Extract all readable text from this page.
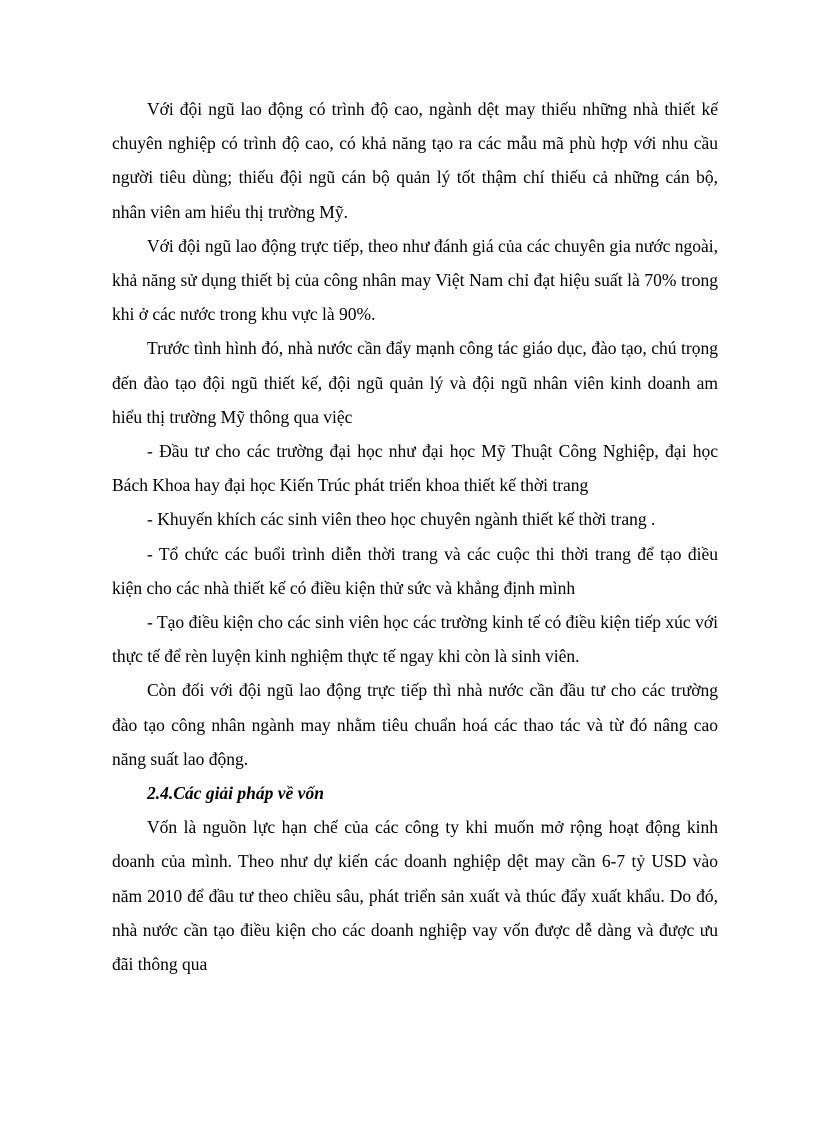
Với đội ngũ lao động có trình độ cao, ngành dệt may thiếu những nhà thiết kế chuyên nghiệp có trình độ cao, có khả năng tạo ra các mẫu mã phù hợp với nhu cầu người tiêu dùng; thiếu đội ngũ cán bộ quản lý tốt thậm chí thiếu cả những cán bộ, nhân viên am hiểu thị trường Mỹ.

Với đội ngũ lao động trực tiếp, theo như đánh giá của các chuyên gia nước ngoài, khả năng sử dụng thiết bị của công nhân may Việt Nam chỉ đạt hiệu suất là 70% trong khi ở các nước trong khu vực là 90%.

Trước tình hình đó, nhà nước cần đẩy mạnh công tác giáo dục, đào tạo, chú trọng đến đào tạo đội ngũ thiết kế, đội ngũ quản lý và đội ngũ nhân viên kinh doanh am hiểu thị trường Mỹ thông qua việc

- Đầu tư cho các trường đại học như đại học Mỹ Thuật Công Nghiệp, đại học Bách Khoa hay đại học Kiến Trúc phát triển khoa thiết kế thời trang

- Khuyến khích các sinh viên theo học chuyên ngành thiết kế thời trang .

- Tổ chức các buổi trình diễn thời trang và các cuộc thi thời trang để tạo điều kiện cho các nhà thiết kế có điều kiện thử sức và khẳng định mình

- Tạo điều kiện cho các sinh viên học các trường kinh tế có điều kiện tiếp xúc với thực tế để rèn luyện kinh nghiệm thực tế ngay khi còn là sinh viên.

Còn đối với đội ngũ lao động trực tiếp thì nhà nước cần đầu tư cho các trường đào tạo công nhân ngành may nhằm tiêu chuẩn hoá các thao tác và từ đó nâng cao năng suất lao động.

2.4.Các giải pháp về vốn

Vốn là nguồn lực hạn chế của các công ty khi muốn mở rộng hoạt động kinh doanh của mình. Theo như dự kiến các doanh nghiệp dệt may cần 6-7 tỷ USD vào năm 2010 để đầu tư theo chiều sâu, phát triển sản xuất và thúc đẩy xuất khẩu. Do đó, nhà nước cần tạo điều kiện cho các doanh nghiệp vay vốn được dễ dàng và được ưu đãi thông qua
